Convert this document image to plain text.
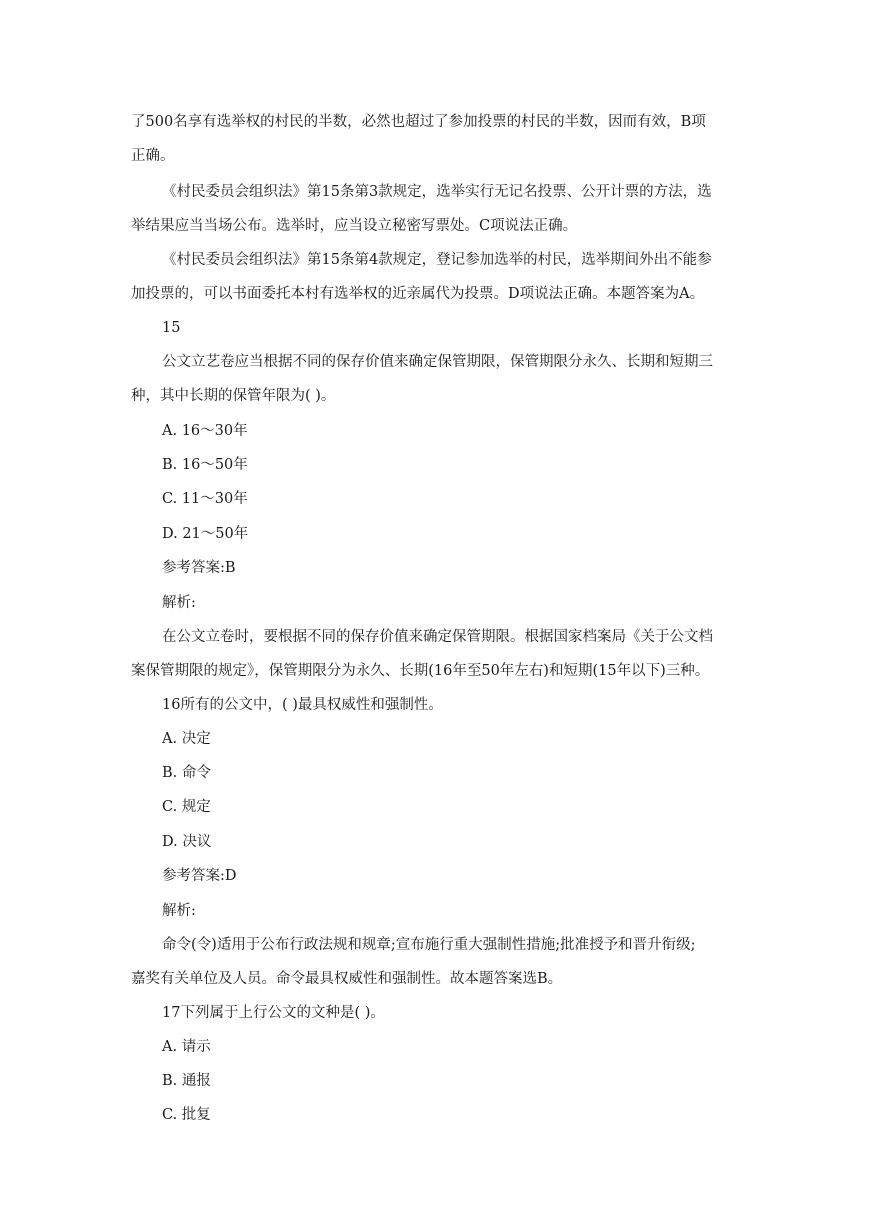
了500名享有选举权的村民的半数，必然也超过了参加投票的村民的半数，因而有效，B项
正确。

《村民委员会组织法》第15条第3款规定，选举实行无记名投票、公开计票的方法，选
举结果应当当场公布。选举时，应当设立秘密写票处。C项说法正确。

《村民委员会组织法》第15条第4款规定，登记参加选举的村民，选举期间外出不能参
加投票的，可以书面委托本村有选举权的近亲属代为投票。D项说法正确。本题答案为A。

15

公文立艺卷应当根据不同的保存价值来确定保管期限，保管期限分永久、长期和短期三
种，其中长期的保管年限为( )。

A. 16～30年

B. 16～50年

C. 11～30年

D. 21～50年

参考答案:B

解析:

在公文立卷时，要根据不同的保存价值来确定保管期限。根据国家档案局《关于公文档
案保管期限的规定》，保管期限分为永久、长期(16年至50年左右)和短期(15年以下)三种。

16所有的公文中，( )最具权威性和强制性。

A. 决定

B. 命令

C. 规定

D. 决议

参考答案:D

解析:

命令(令)适用于公布行政法规和规章;宣布施行重大强制性措施;批准授予和晋升衔级;
嘉奖有关单位及人员。命令最具权威性和强制性。故本题答案选B。

17下列属于上行公文的文种是( )。

A. 请示

B. 通报

C. 批复
